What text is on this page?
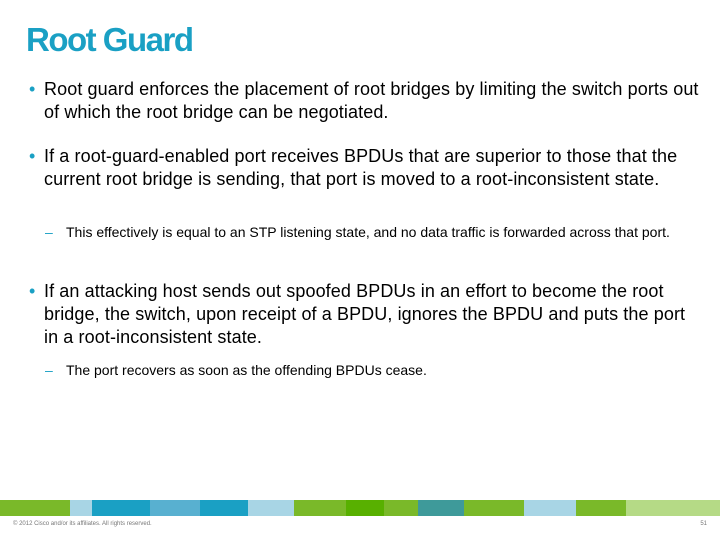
Root Guard
• Root guard enforces the placement of root bridges by limiting the switch ports out of which the root bridge can be negotiated.
• If a root-guard-enabled port receives BPDUs that are superior to those that the current root bridge is sending, that port is moved to a root-inconsistent state.
– This effectively is equal to an STP listening state, and no data traffic is forwarded across that port.
• If an attacking host sends out spoofed BPDUs in an effort to become the root bridge, the switch, upon receipt of a BPDU, ignores the BPDU and puts the port in a root-inconsistent state.
– The port recovers as soon as the offending BPDUs cease.
© 2012 Cisco and/or its affiliates. All rights reserved.	51
